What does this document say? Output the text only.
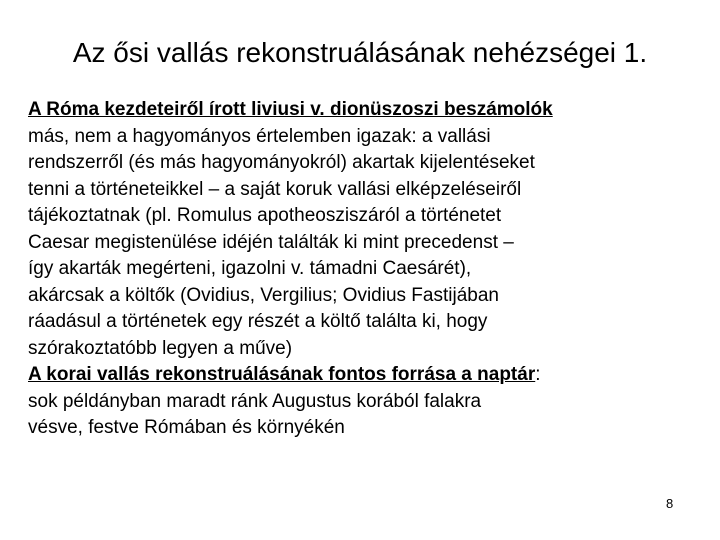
Az ősi vallás rekonstruálásának nehézségei 1.
A Róma kezdeteiről írott liviusi v. dionüszoszi beszámolók
más, nem a hagyományos értelemben igazak: a vallási
rendszerről (és más hagyományokról) akartak kijelentéseket
tenni a történeteikkel – a saját koruk vallási elképzeléseiről
tájékoztatnak (pl. Romulus apotheosziszáról a történetet
Caesar megistenülése idéjén találták ki mint precedenst –
így akarták megérteni, igazolni v. támadni Caesárét),
akárcsak a költők (Ovidius, Vergilius; Ovidius Fastijában
ráadásul a történetek egy részét a költő találta ki, hogy
szórakoztatóbb legyen a műve)
A korai vallás rekonstruálásának fontos forrása a naptár:
sok példányban maradt ránk Augustus korából falakra
vésve, festve Rómában és környékén
8
